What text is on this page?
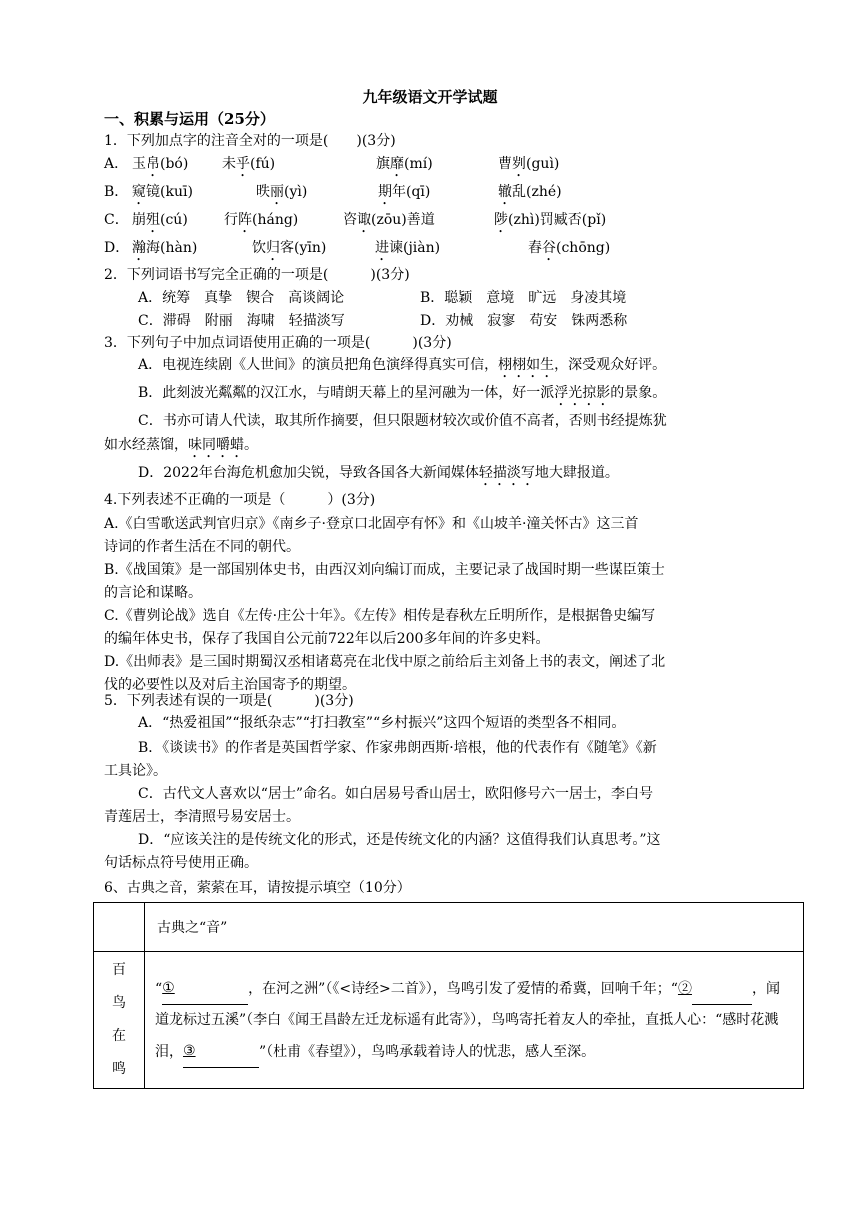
九年级语文开学试题
一、积累与运用（25分）
1．下列加点字的注音全对的一项是(　　)(3分)
A． 玉帛(bó) 未乎(fú)	旗靡(mí)	曹刿(guì)
B． 窥镜(kuī)	昳丽(yì)	期年(qī)	辙乱(zhé)
C． 崩殂(cú)	行阵(háng)	咨诹(zōu)善道	陟(zhì)罚臧否(pǐ)
D． 瀚海(hàn)	饮归客(yīn)	进谏(jiàn)	舂谷(chōng)
2．下列词语书写完全正确的一项是(　　　)(3分)
A．统筹　真挚　锲合　高谈阔论	B．聪颖　意境　旷远　身凌其境
C．滞碍　附丽　海啸　轻描淡写	D．劝械　寂寥　苟安　铢两悉称
3．下列句子中加点词语使用正确的一项是(　　　)(3分)
A．电视连续剧《人世间》的演员把角色演绎得真实可信，栩栩如生，深受观众好评。
B．此刻波光粼粼的汉江水，与晴朗天幕上的星河融为一体，好一派浮光掠影的景象。
C．书亦可请人代读，取其所作摘要，但只限题材较次或价值不高者，否则书经提炼犹
如水经蒸馏，味同嚼蜡。
D．2022年台海危机愈加尖锐，导致各国各大新闻媒体轻描淡写地大肆报道。
4.下列表述不正确的一项是（　　　）(3分)
A.《白雪歌送武判官归京》《南乡子·登京口北固亭有怀》和《山坡羊·潼关怀古》这三首
诗词的作者生活在不同的朝代。
B.《战国策》是一部国别体史书，由西汉刘向编订而成，主要记录了战国时期一些谋臣策士
的言论和谋略。
C.《曹刿论战》选自《左传·庄公十年》。《左传》相传是春秋左丘明所作，是根据鲁史编写
的编年体史书，保存了我国自公元前722年以后200多年间的许多史料。
D.《出师表》是三国时期蜀汉丞相诸葛亮在北伐中原之前给后主刘备上书的表文，阐述了北
伐的必要性以及对后主治国寄予的期望。
5．下列表述有误的一项是(　　　)(3分)
A．“热爱祖国”“报纸杂志”“打扫教室”“乡村振兴”这四个短语的类型各不相同。
B．《谈读书》的作者是英国哲学家、作家弗朗西斯·培根，他的代表作有《随笔》《新
工具论》。
C．古代文人喜欢以“居士”命名。如白居易号香山居士，欧阳修号六一居士，李白号
青莲居士，李清照号易安居士。
D．“应该关注的是传统文化的形式，还是传统文化的内涵？这值得我们认真思考。”这
句话标点符号使用正确。
6、古典之音，萦萦在耳，请按提示填空（10分）
	古典之“音”

百
鸟
在
鸣	“① ，在河之洲”（《<诗经>二首》），鸟鸣引发了爱情的希冀，回响千年；“② ，闻道龙标过五溪”（李白《闻王昌龄左迁龙标遥有此寄》），鸟鸣寄托着友人的牵扯，直抵人心：“感时花溅泪，③ ”（杜甫《春望》），鸟鸣承载着诗人的忧悲，感人至深。
